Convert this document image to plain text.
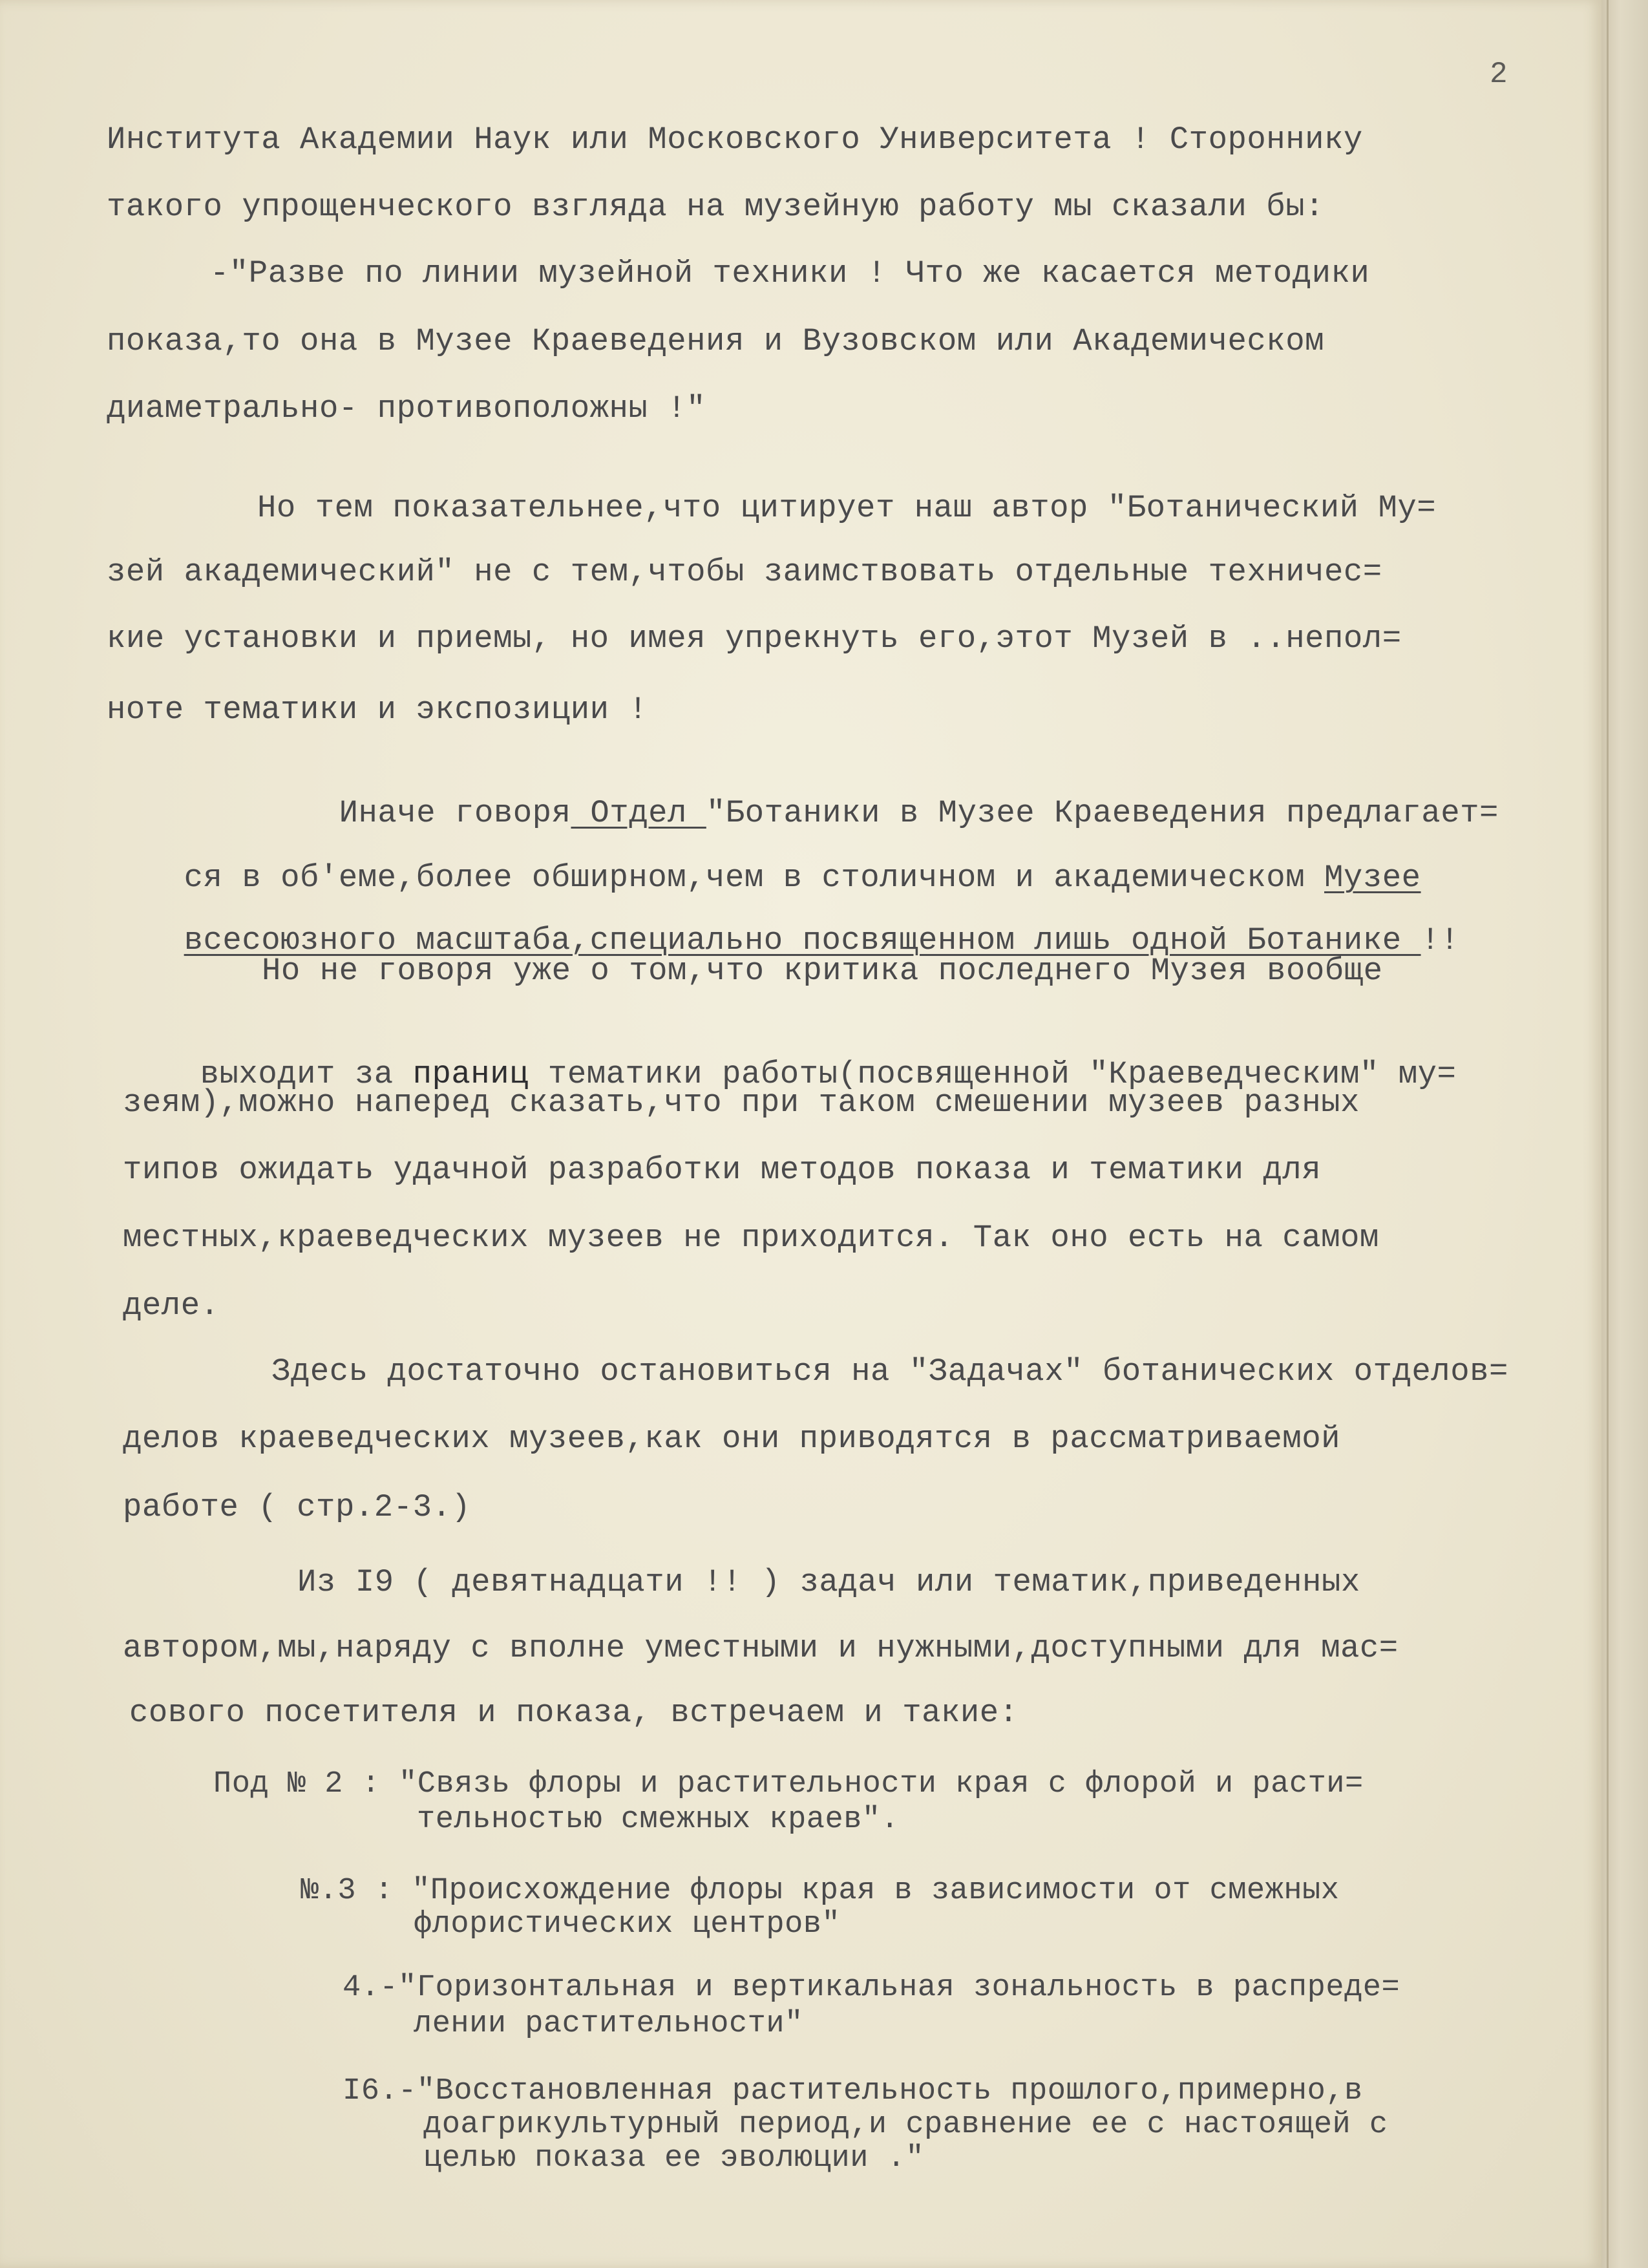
2
Института Академии Наук или Московского Университета ! Стороннику
такого упрощенческого взгляда на музейную работу мы сказали бы:
-"Разве по линии музейной техники ! Что же касается методики
показа,то она в Музее Краеведения и Вузовском или Академическом
диаметрально- противоположны !"
Но тем показательнее,что цитирует наш автор "Ботанический Му=
зей академический" не с тем,чтобы заимствовать отдельные техничес=
кие установки и приемы, но имея упрекнуть его,этот Музей в ..непол=
ноте тематики и экспозиции !

Иначе говоря Отдел "Ботаники в Музее Краеведения предлагает=

ся в об'еме,более обширном,чем в столичном и академическом Музее

всесоюзного масштаба,специально посвященном лишь одной Ботанике !!

Но не говоря уже о том,что критика последнего Музея вообще

выходит за праниц тематики работы(посвященной "Краеведческим" му=

зеям),можно наперед сказать,что при таком смешении музеев разных
типов ожидать удачной разработки методов показа и тематики для
местных,краеведческих музеев не приходится. Так оно есть на самом
деле.
Здесь достаточно остановиться на "Задачах" ботанических отделов=
делов краеведческих музеев,как они приводятся в рассматриваемой
работе ( стр.2-3.)
Из I9 ( девятнадцати !! ) задач или тематик,приведенных
автором,мы,наряду с вполне уместными и нужными,доступными для мас=
сового посетителя и показа, встречаем и такие:
Под № 2 : "Связь флоры и растительности края с флорой и расти=
тельностью смежных краев".
№.3 : "Происхождение флоры края в зависимости от смежных
флористических центров"
4.-"Горизонтальная и вертикальная зональность в распреде=
лении растительности"
I6.-"Восстановленная растительность прошлого,примерно,в
доагрикультурный период,и сравнение ее с настоящей с
целью показа ее эволюции ."
